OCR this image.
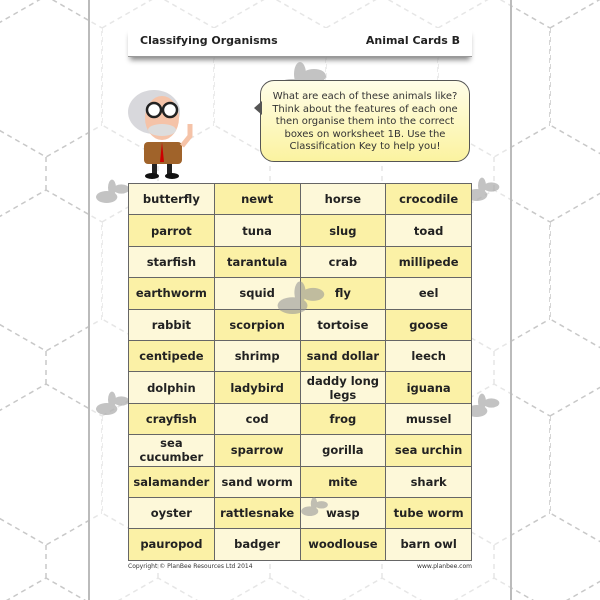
Classifying Organisms	Animal Cards B
What are each of these animals like? Think about the features of each one then organise them into the correct boxes on worksheet 1B. Use the Classification Key to help you!
butterfly	newt	horse	crocodile
parrot	tuna	slug	toad
starfish	tarantula	crab	millipede
earthworm	squid	fly	eel
rabbit	scorpion	tortoise	goose
centipede	shrimp	sand dollar	leech
dolphin	ladybird	daddy long legs	iguana
crayfish	cod	frog	mussel
sea cucumber	sparrow	gorilla	sea urchin
salamander	sand worm	mite	shark
oyster	rattlesnake	wasp	tube worm
pauropod	badger	woodlouse	barn owl
Copyright © PlanBee Resources Ltd 2014	www.planbee.com
